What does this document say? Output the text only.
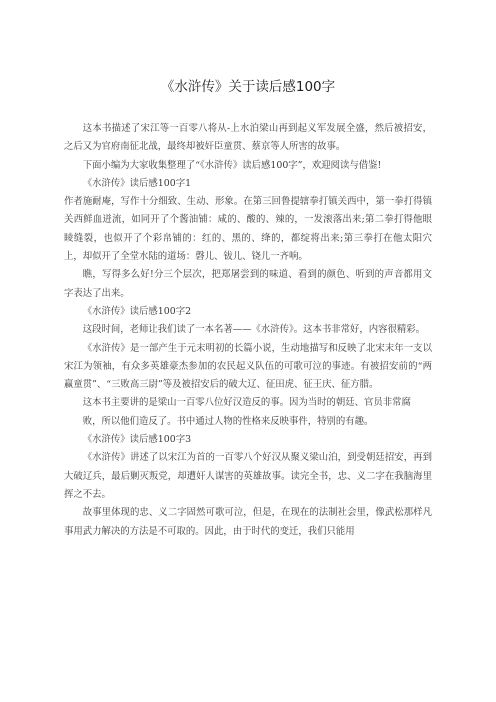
《水浒传》关于读后感100字

这本书描述了宋江等一百零八将从-上水泊梁山再到起义军发展全盛，然后被招安，之后又为官府南征北战，最终却被奸臣童贯、蔡京等人所害的故事。

下面小编为大家收集整理了“《水浒传》读后感100字”，欢迎阅读与借鉴!

《水浒传》读后感100字1

作者施耐庵，写作十分细致、生动、形象。在第三回鲁提辖拳打镇关西中，第一拳打得镇关西鲜血迸流，如同开了个酱油铺：咸的、酸的、辣的，一发滚落出来;第二拳打得他眼睖缝裂，也似开了个彩帛铺的：红的、黑的、绛的，都绽将出来;第三拳打在他太阳穴上，却似开了全堂水陆的道场：磬儿、钹儿、铙儿一齐响。

瞧，写得多么好!分三个层次，把郑屠尝到的味道、看到的颜色、听到的声音都用文字表达了出来。

《水浒传》读后感100字2

这段时间，老师让我们读了一本名著——《水浒传》。这本书非常好，内容很精彩。

《水浒传》是一部产生于元末明初的长篇小说，生动地描写和反映了北宋末年一支以宋江为领袖，有众多英雄豪杰参加的农民起义队伍的可歌可泣的事迹。有被招安前的“两赢童贯”、“三败高三尉”等及被招安后的破大辽、征田虎、征王庆、征方腊。

这本书主要讲的是梁山一百零八位好汉造反的事。因为当时的朝廷、官员非常腐

败，所以他们造反了。书中通过人物的性格来反映事件，特别的有趣。

《水浒传》读后感100字3

《水浒传》讲述了以宋江为首的一百零八个好汉从聚义梁山泊，到受朝廷招安，再到大破辽兵，最后剿灭叛党，却遭奸人谋害的英雄故事。读完全书，忠、义二字在我脑海里挥之不去。

故事里体现的忠、义二字固然可歌可泣，但是，在现在的法制社会里，像武松那样凡事用武力解决的方法是不可取的。因此，由于时代的变迁，我们只能用
